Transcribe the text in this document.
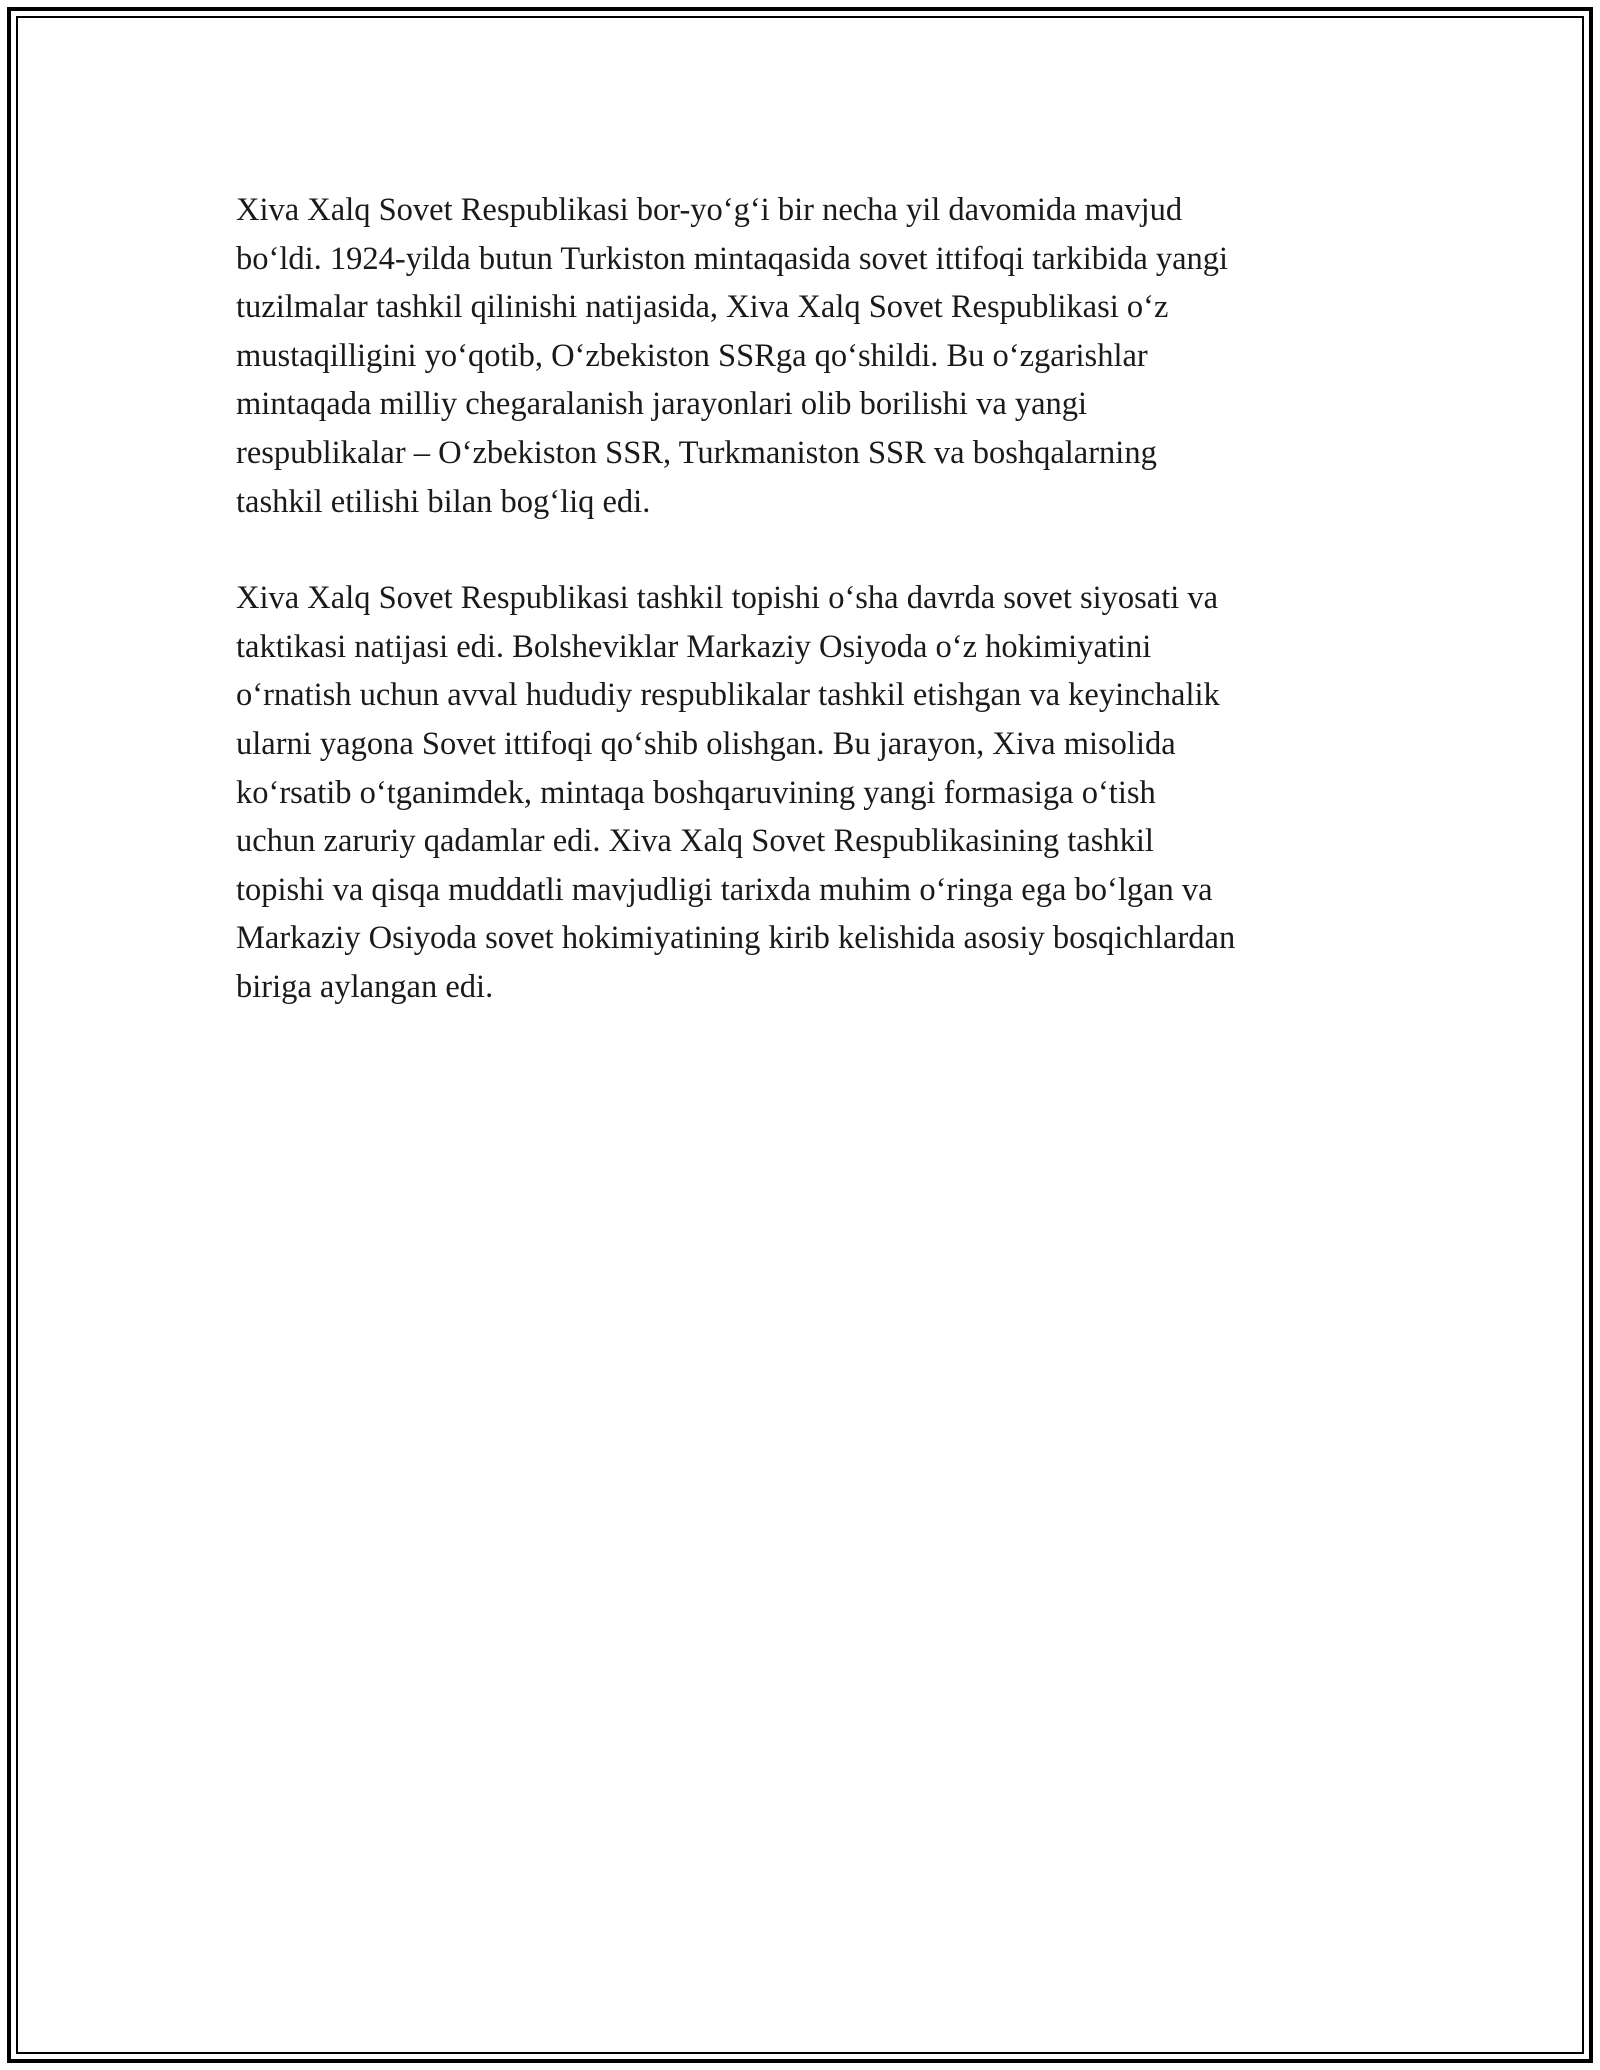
Xiva Xalq Sovet Respublikasi bor-yo‘g‘i bir necha yil davomida mavjud
bo‘ldi. 1924-yilda butun Turkiston mintaqasida sovet ittifoqi tarkibida yangi
tuzilmalar tashkil qilinishi natijasida, Xiva Xalq Sovet Respublikasi o‘z
mustaqilligini yo‘qotib, O‘zbekiston SSRga qo‘shildi. Bu o‘zgarishlar
mintaqada milliy chegaralanish jarayonlari olib borilishi va yangi
respublikalar – O‘zbekiston SSR, Turkmaniston SSR va boshqalarning
tashkil etilishi bilan bog‘liq edi.

Xiva Xalq Sovet Respublikasi tashkil topishi o‘sha davrda sovet siyosati va
taktikasi natijasi edi. Bolsheviklar Markaziy Osiyoda o‘z hokimiyatini
o‘rnatish uchun avval hududiy respublikalar tashkil etishgan va keyinchalik
ularni yagona Sovet ittifoqi qo‘shib olishgan. Bu jarayon, Xiva misolida
ko‘rsatib o‘tganimdek, mintaqa boshqaruvining yangi formasiga o‘tish
uchun zaruriy qadamlar edi. Xiva Xalq Sovet Respublikasining tashkil
topishi va qisqa muddatli mavjudligi tarixda muhim o‘ringa ega bo‘lgan va
Markaziy Osiyoda sovet hokimiyatining kirib kelishida asosiy bosqichlardan
biriga aylangan edi.
